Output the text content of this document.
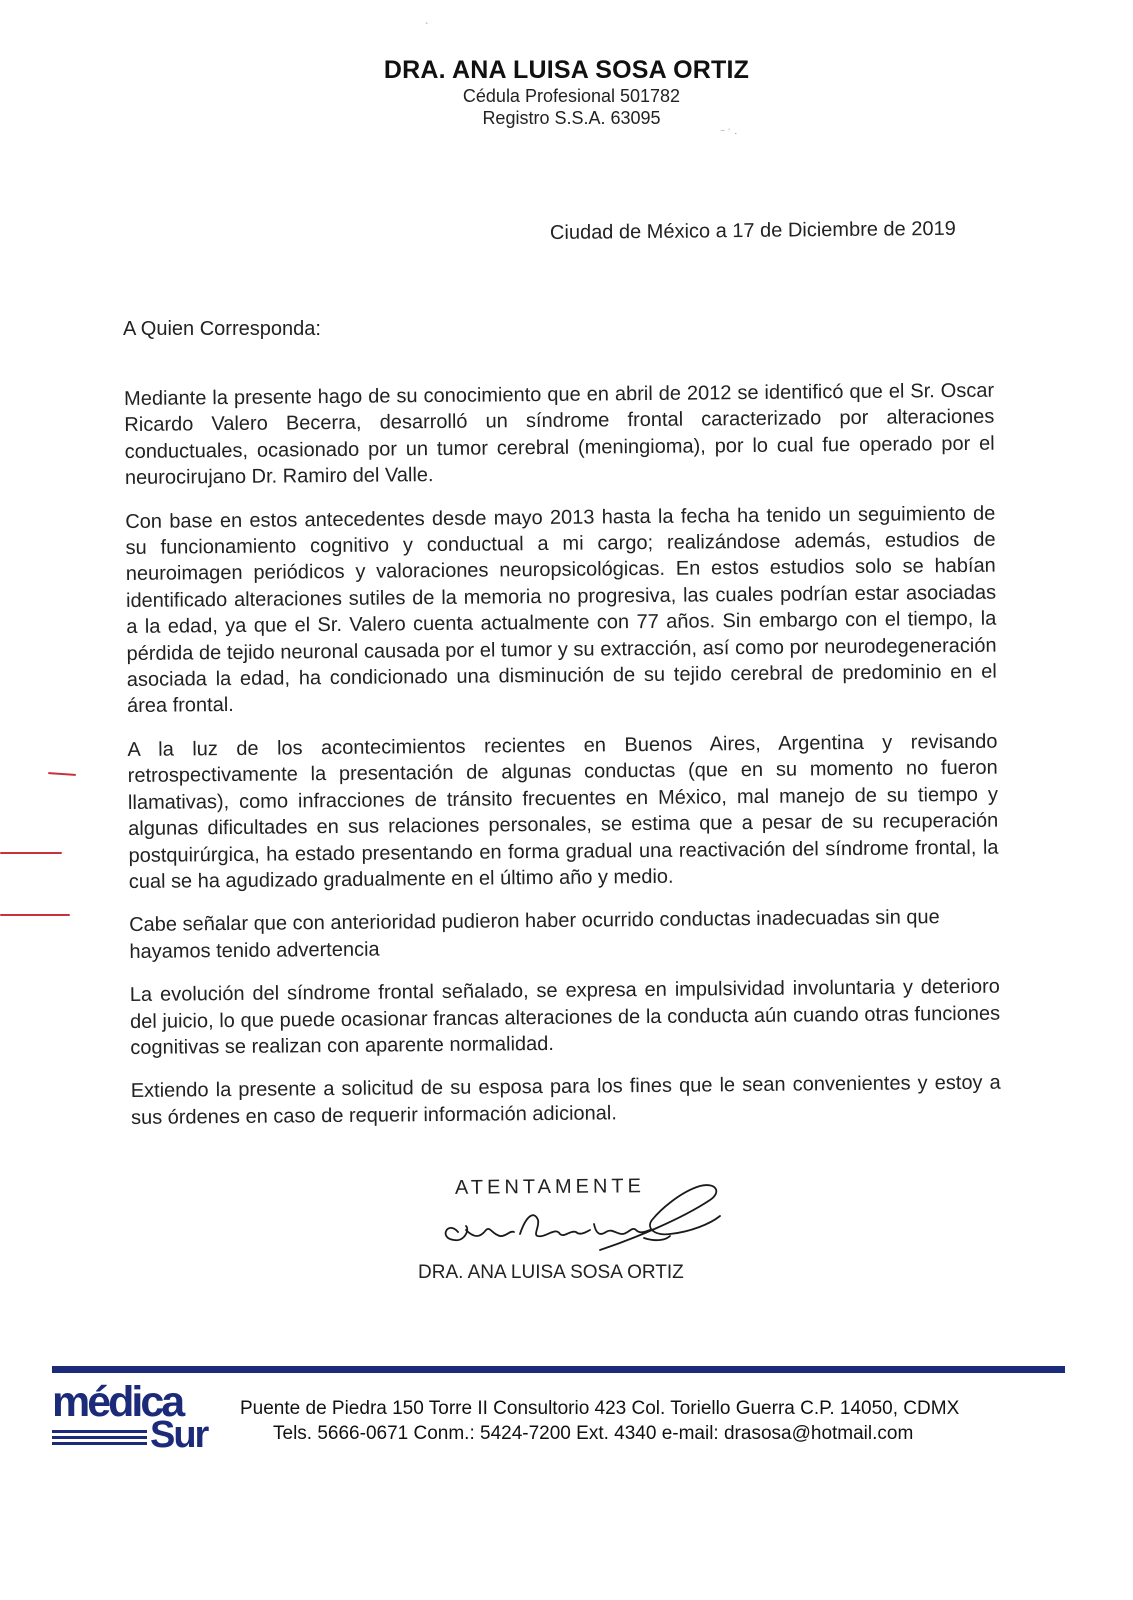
DRA. ANA LUISA SOSA ORTIZ
Cédula Profesional 501782
Registro S.S.A. 63095
`
⁻ ˙ ·
Ciudad de México a 17 de Diciembre de 2019
A Quien Corresponda:

Mediante la presente hago de su conocimiento que en abril de 2012 se identificó que el Sr. Oscar Ricardo Valero Becerra, desarrolló un síndrome frontal caracterizado por alteraciones conductuales, ocasionado por un tumor cerebral (meningioma), por lo cual fue operado por el neurocirujano Dr. Ramiro del Valle.

Con base en estos antecedentes desde mayo 2013 hasta la fecha ha tenido un seguimiento de su funcionamiento cognitivo y conductual a mi cargo; realizándose además, estudios de neuroimagen periódicos y valoraciones neuropsicológicas. En estos estudios solo se habían identificado alteraciones sutiles de la memoria no progresiva, las cuales podrían estar asociadas a la edad, ya que el Sr. Valero cuenta actualmente con 77 años. Sin embargo con el tiempo, la pérdida de tejido neuronal causada por el tumor y su extracción, así como por neurodegeneración asociada la edad, ha condicionado una disminución de su tejido cerebral de predominio en el área frontal.

A la luz de los acontecimientos recientes en Buenos Aires, Argentina y revisando retrospectivamente la presentación de algunas conductas (que en su momento no fueron llamativas), como infracciones de tránsito frecuentes en México, mal manejo de su tiempo y algunas dificultades en sus relaciones personales, se estima que a pesar de su recuperación postquirúrgica, ha estado presentando en forma gradual una reactivación del síndrome frontal, la cual se ha agudizado gradualmente en el último año y medio.

Cabe señalar que con anterioridad pudieron haber ocurrido conductas inadecuadas sin que hayamos tenido advertencia

La evolución del síndrome frontal señalado, se expresa en impulsividad involuntaria y deterioro del juicio, lo que puede ocasionar francas alteraciones de la conducta aún cuando otras funciones cognitivas se realizan con aparente normalidad.

Extiendo la presente a solicitud de su esposa para los fines que le sean convenientes y estoy a sus órdenes en caso de requerir información adicional.

ATENTAMENTE
DRA. ANA LUISA SOSA ORTIZ
médica
Sur
Puente de Piedra 150 Torre II Consultorio 423 Col. Toriello Guerra C.P. 14050, CDMX
Tels. 5666-0671 Conm.: 5424-7200 Ext. 4340 e-mail: drasosa@hotmail.com
